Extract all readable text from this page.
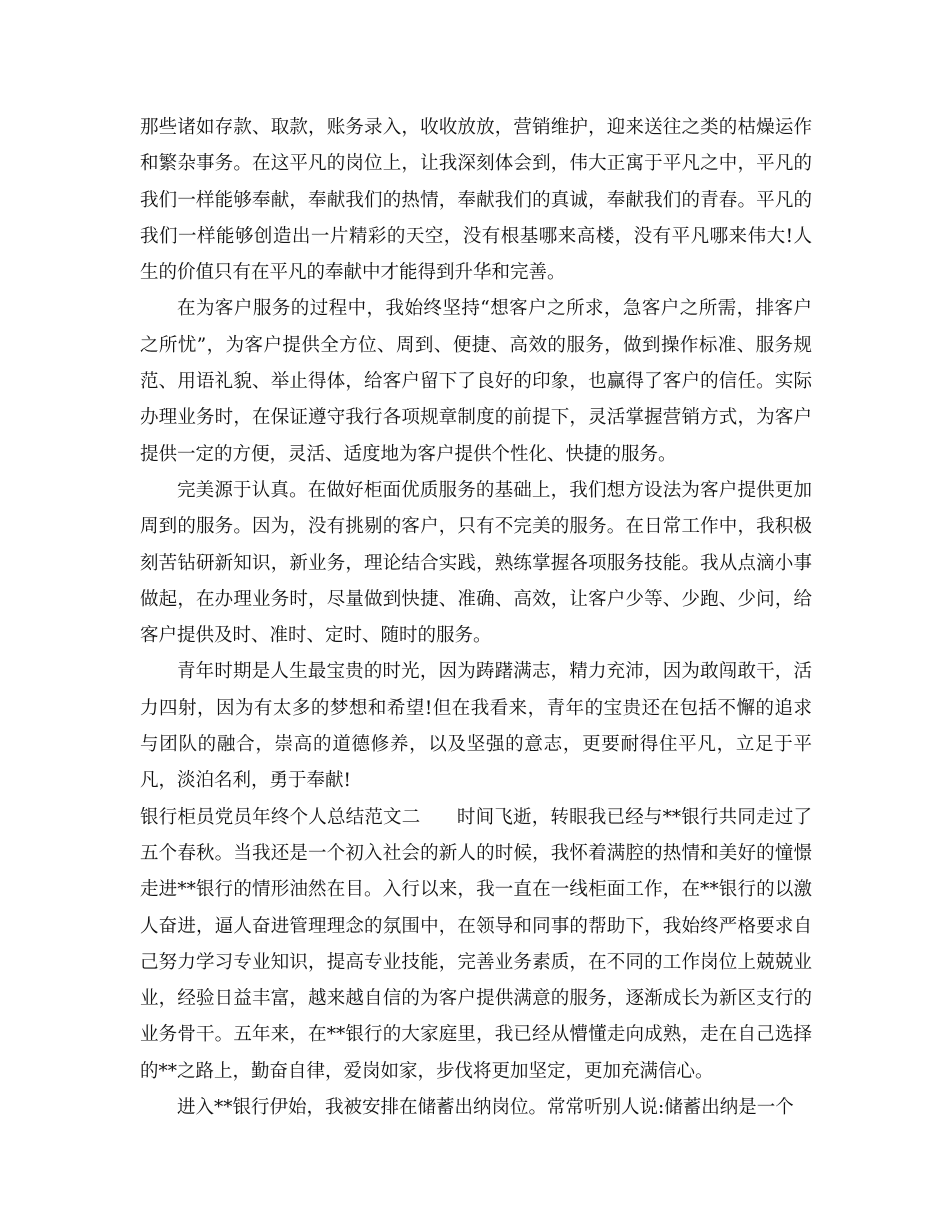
那些诸如存款、取款，账务录入，收收放放，营销维护，迎来送往之类的枯燥运作和繁杂事务。在这平凡的岗位上，让我深刻体会到，伟大正寓于平凡之中，平凡的我们一样能够奉献，奉献我们的热情，奉献我们的真诚，奉献我们的青春。平凡的我们一样能够创造出一片精彩的天空，没有根基哪来高楼，没有平凡哪来伟大!人生的价值只有在平凡的奉献中才能得到升华和完善。

在为客户服务的过程中，我始终坚持“想客户之所求，急客户之所需，排客户之所忧”，为客户提供全方位、周到、便捷、高效的服务，做到操作标准、服务规范、用语礼貌、举止得体，给客户留下了良好的印象，也赢得了客户的信任。实际办理业务时，在保证遵守我行各项规章制度的前提下，灵活掌握营销方式，为客户提供一定的方便，灵活、适度地为客户提供个性化、快捷的服务。

完美源于认真。在做好柜面优质服务的基础上，我们想方设法为客户提供更加周到的服务。因为，没有挑剔的客户，只有不完美的服务。在日常工作中，我积极刻苦钻研新知识，新业务，理论结合实践，熟练掌握各项服务技能。我从点滴小事做起，在办理业务时，尽量做到快捷、准确、高效，让客户少等、少跑、少问，给客户提供及时、准时、定时、随时的服务。

青年时期是人生最宝贵的时光，因为踌躇满志，精力充沛，因为敢闯敢干，活力四射，因为有太多的梦想和希望!但在我看来，青年的宝贵还在包括不懈的追求与团队的融合，崇高的道德修养，以及坚强的意志，更要耐得住平凡，立足于平凡，淡泊名利，勇于奉献!

银行柜员党员年终个人总结范文二 时间飞逝，转眼我已经与**银行共同走过了五个春秋。当我还是一个初入社会的新人的时候，我怀着满腔的热情和美好的憧憬走进**银行的情形油然在目。入行以来，我一直在一线柜面工作，在**银行的以激人奋进，逼人奋进管理理念的氛围中，在领导和同事的帮助下，我始终严格要求自己努力学习专业知识，提高专业技能，完善业务素质，在不同的工作岗位上兢兢业业，经验日益丰富，越来越自信的为客户提供满意的服务，逐渐成长为新区支行的业务骨干。五年来，在**银行的大家庭里，我已经从懵懂走向成熟，走在自己选择的**之路上，勤奋自律，爱岗如家，步伐将更加坚定，更加充满信心。

进入**银行伊始，我被安排在储蓄出纳岗位。常常听别人说:储蓄出纳是一个
